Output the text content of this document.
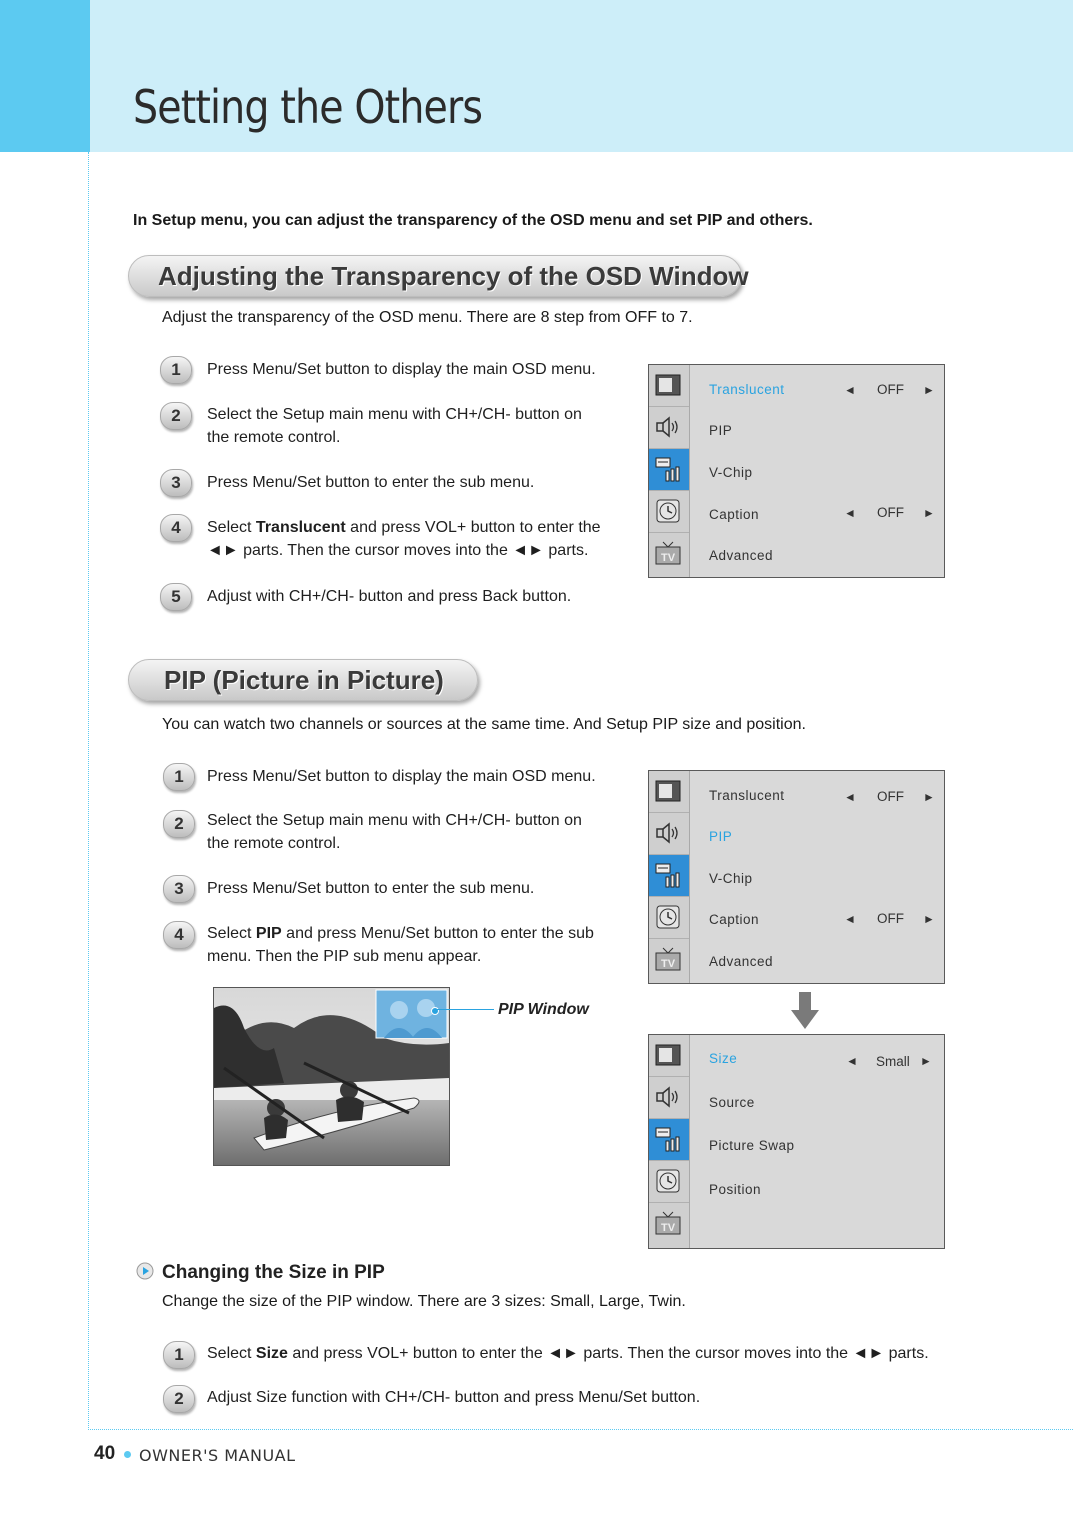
Setting the Others
In Setup menu, you can adjust the transparency of the OSD menu and set PIP and others.
Adjusting the Transparency of the OSD Window
Adjust the transparency of the OSD menu. There are 8 step from OFF to 7.
1	Press Menu/Set button to display the main OSD menu.
2	Select the Setup main menu with CH+/CH- button on the remote control.
3	Press Menu/Set button to enter the sub menu.
4	Select Translucent and press VOL+ button to enter the ◄► parts. Then the cursor moves into the ◄► parts.
5	Adjust with CH+/CH- button and press Back button.
TV
Translucent
PIP
V-Chip
Caption
Advanced
◄ OFF ►
◄ OFF ►
PIP (Picture in Picture)
You can watch two channels or sources at the same time. And Setup PIP size and position.
1	Press Menu/Set button to display the main OSD menu.
2	Select the Setup main menu with CH+/CH- button on the remote control.
3	Press Menu/Set button to enter the sub menu.
4	Select PIP and press Menu/Set button to enter the sub menu. Then the PIP sub menu appear.	TV
Translucent
PIP
V-Chip
Caption
Advanced
◄ OFF ►
◄ OFF ►
TV
Size
Source
Picture Swap
Position
◄ Small ►
PIP Window
Changing the Size in PIP
Change the size of the PIP window. There are 3 sizes: Small, Large, Twin.
1	Select Size and press VOL+ button to enter the ◄► parts. Then the cursor moves into the ◄► parts.
2	Adjust Size function with CH+/CH- button and press Menu/Set button.
40 OWNER'S MANUAL
